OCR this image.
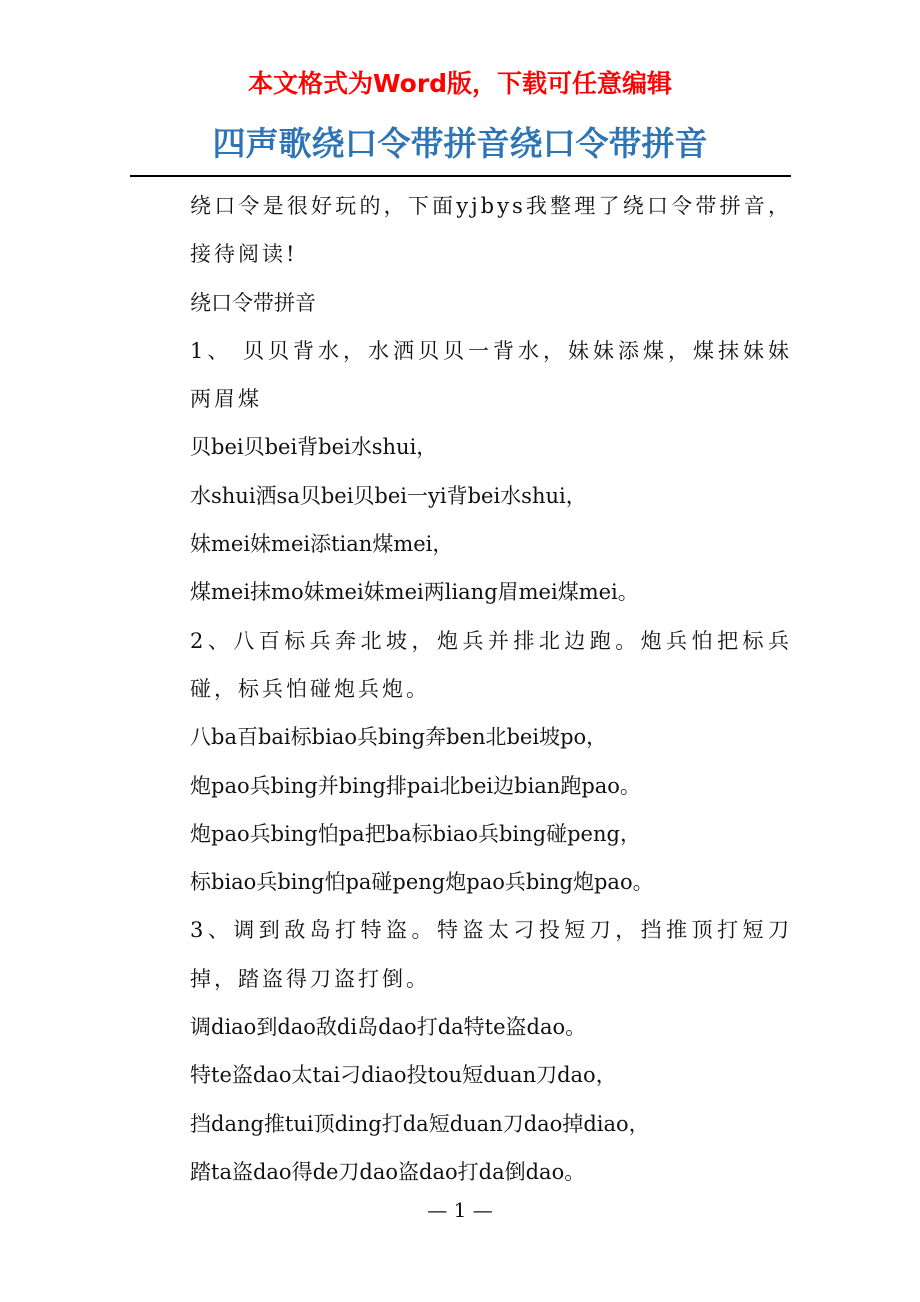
本文格式为Word版，下载可任意编辑
四声歌绕口令带拼音绕口令带拼音

绕口令是很好玩的，下面yjbys我整理了绕口令带拼音，接待阅读!

绕口令带拼音

1、 贝贝背水，水洒贝贝一背水，妹妹添煤，煤抹妹妹两眉煤

贝bei贝bei背bei水shui，

水shui洒sa贝bei贝bei一yi背bei水shui，

妹mei妹mei添tian煤mei，

煤mei抹mo妹mei妹mei两liang眉mei煤mei。

2、八百标兵奔北坡，炮兵并排北边跑。炮兵怕把标兵碰，标兵怕碰炮兵炮。

八ba百bai标biao兵bing奔ben北bei坡po，

炮pao兵bing并bing排pai北bei边bian跑pao。

炮pao兵bing怕pa把ba标biao兵bing碰peng，

标biao兵bing怕pa碰peng炮pao兵bing炮pao。

3、调到敌岛打特盗。特盗太刁投短刀，挡推顶打短刀掉，踏盗得刀盗打倒。

调diao到dao敌di岛dao打da特te盗dao。

特te盗dao太tai刁diao投tou短duan刀dao，

挡dang推tui顶ding打da短duan刀dao掉diao，

踏ta盗dao得de刀dao盗dao打da倒dao。

— 1 —
